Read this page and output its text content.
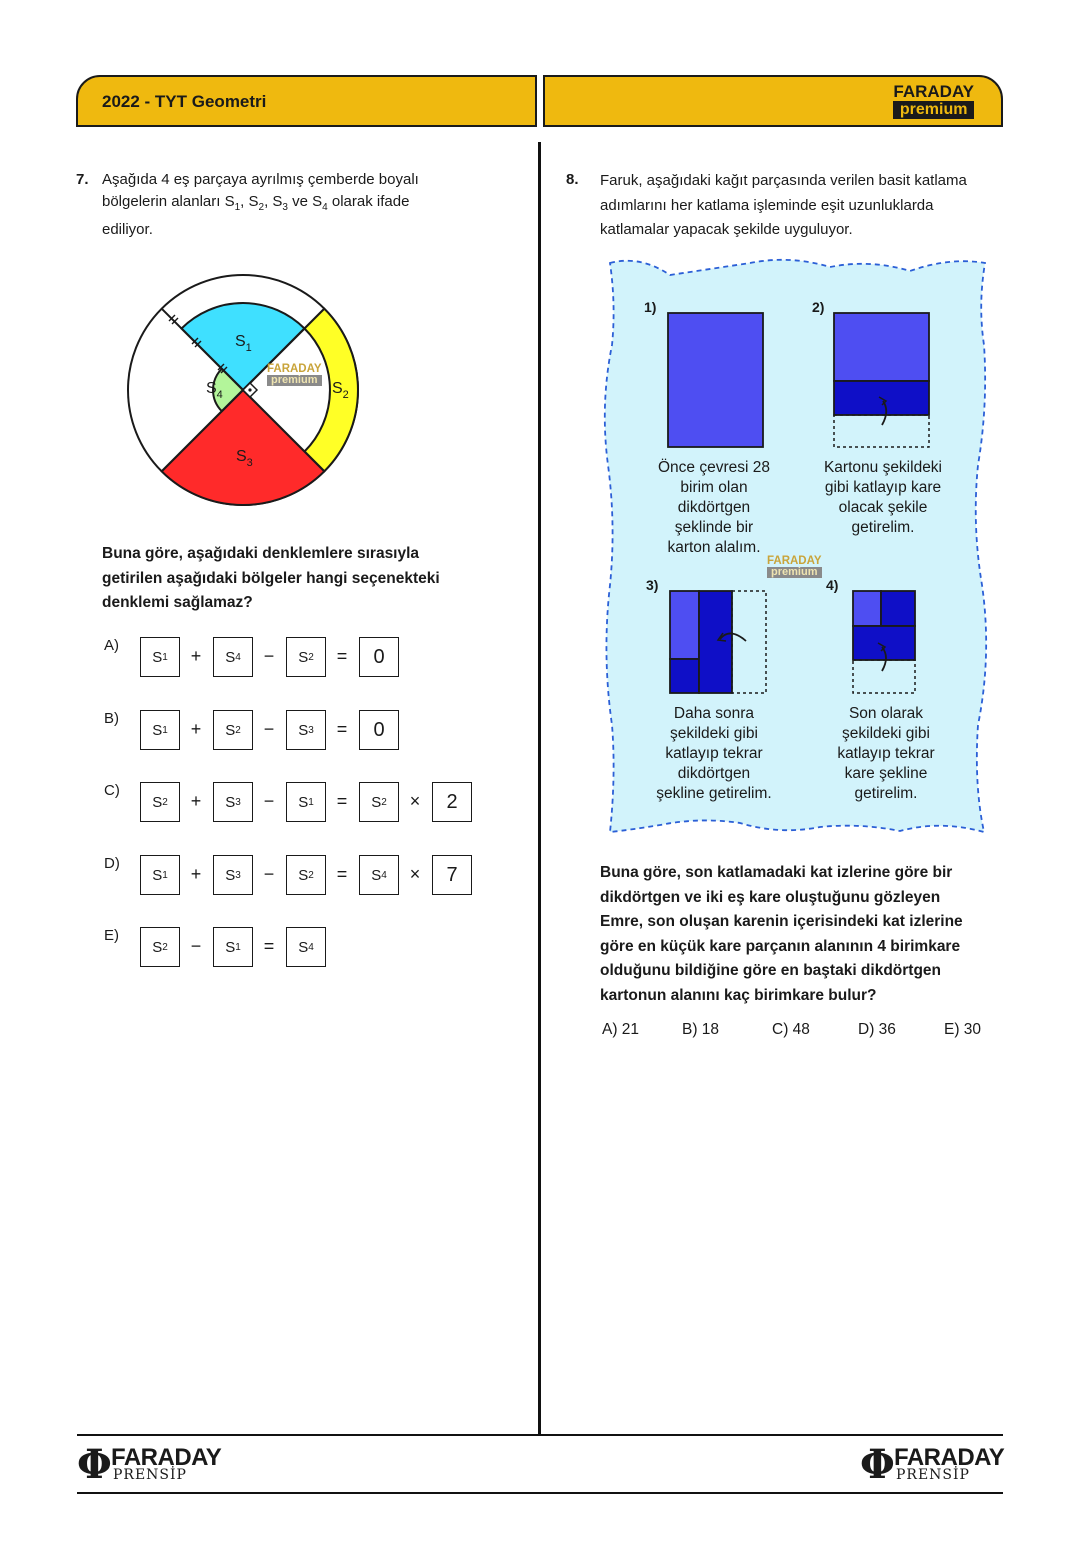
2022 - TYT Geometri
FARADAY
premium
7. Aşağıda 4 eş parçaya ayrılmış çemberde boyalı
bölgelerin alanları $S_1$, $S_2$, $S_3$ ve $S_4$ olarak ifade
ediliyor.
$S_1$
$S_2$
$S_3$
$S_4$
FARADAY
premium
Buna göre, aşağıdaki denklemlere sırasıyla
getirilen aşağıdaki bölgeler hangi seçenekteki
denklemi sağlamaz?
A)
S 1 +	S 4 −	S 2 = 0
B)
S 1 +	S 2 −	S 3 = 0
C)
S 2 +	S 3 −	S 1 =	S 2 × 2
D)
S 1 +	S 3 −	S 2 =	S 4 × 7
E)
S 2 −	S 1 =	S 4
8. Faruk, aşağıdaki kağıt parçasında verilen basit katlama
adımlarını her katlama işleminde eşit uzunluklarda
katlamalar yapacak şekilde uyguluyor.
1)	2)
3)	4)
Önce çevresi 28
birim olan
dikdörtgen
şeklinde bir
karton alalım.
Kartonu şekildeki
gibi katlayıp kare
olacak şekile
getirelim.
Daha sonra
şekildeki gibi
katlayıp tekrar
dikdörtgen
şekline getirelim.
Son olarak
şekildeki gibi
katlayıp tekrar
kare şekline
getirelim.
FARADAY
premium
Buna göre, son katlamadaki kat izlerine göre bir
dikdörtgen ve iki eş kare oluştuğunu gözleyen
Emre, son oluşan karenin içerisindeki kat izlerine
göre en küçük kare parçanın alanının 4 birimkare
olduğunu bildiğine göre en baştaki dikdörtgen
kartonun alanını kaç birimkare bulur?
A) 21	B) 18	C) 48	D) 36	E) 30
Φ FARADAY
PRENSİP	Φ FARADAY
PRENSİP
